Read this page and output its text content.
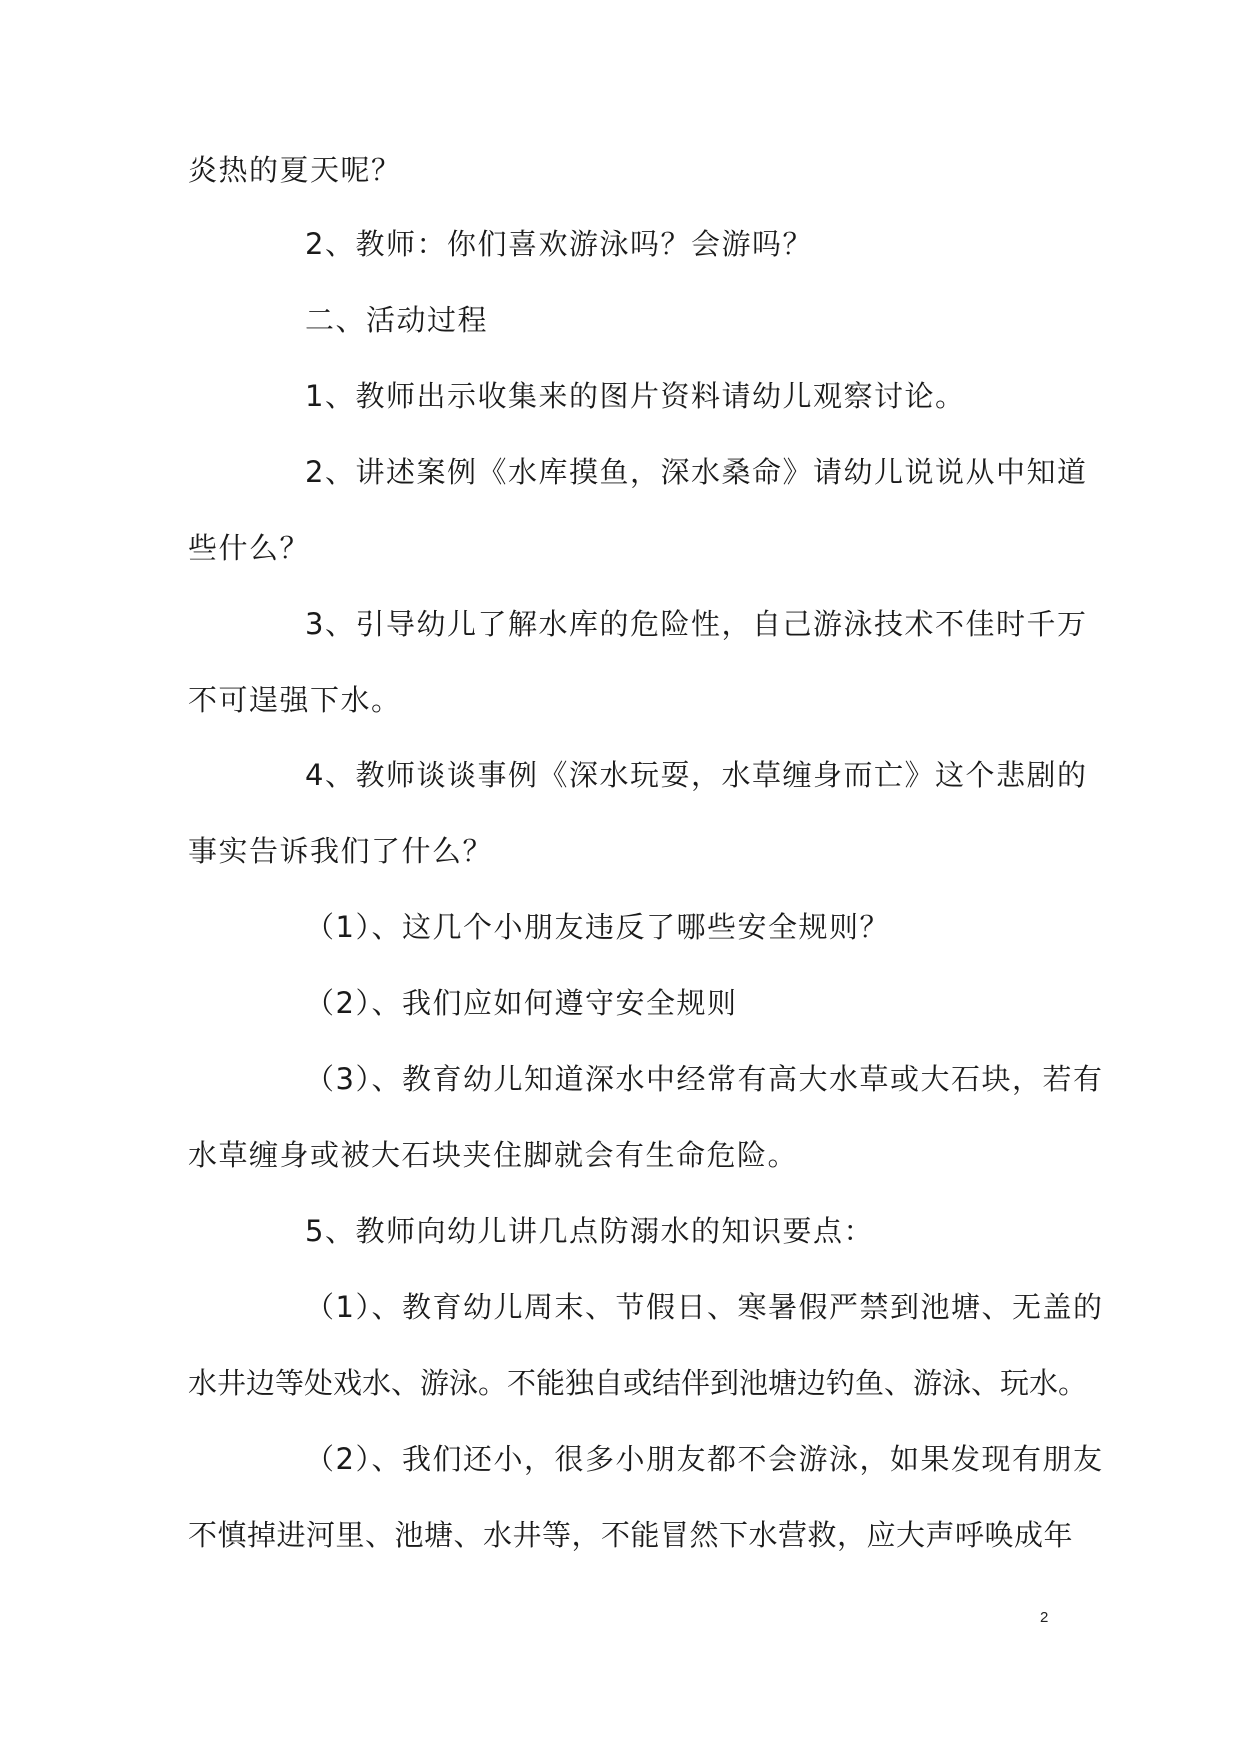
炎热的夏天呢？
2、教师：你们喜欢游泳吗？会游吗？
二、活动过程
1、教师出示收集来的图片资料请幼儿观察讨论。
2、讲述案例《水库摸鱼，深水桑命》请幼儿说说从中知道
些什么？
3、引导幼儿了解水库的危险性，自己游泳技术不佳时千万
不可逞强下水。
4、教师谈谈事例《深水玩耍，水草缠身而亡》这个悲剧的
事实告诉我们了什么？
（1）、这几个小朋友违反了哪些安全规则？
（2）、我们应如何遵守安全规则
（3）、教育幼儿知道深水中经常有高大水草或大石块，若有
水草缠身或被大石块夹住脚就会有生命危险。
5、教师向幼儿讲几点防溺水的知识要点：
（1）、教育幼儿周末、节假日、寒暑假严禁到池塘、无盖的
水井边等处戏水、游泳。不能独自或结伴到池塘边钓鱼、游泳、玩水。
（2）、我们还小，很多小朋友都不会游泳，如果发现有朋友
不慎掉进河里、池塘、水井等，不能冒然下水营救，应大声呼唤成年
2
